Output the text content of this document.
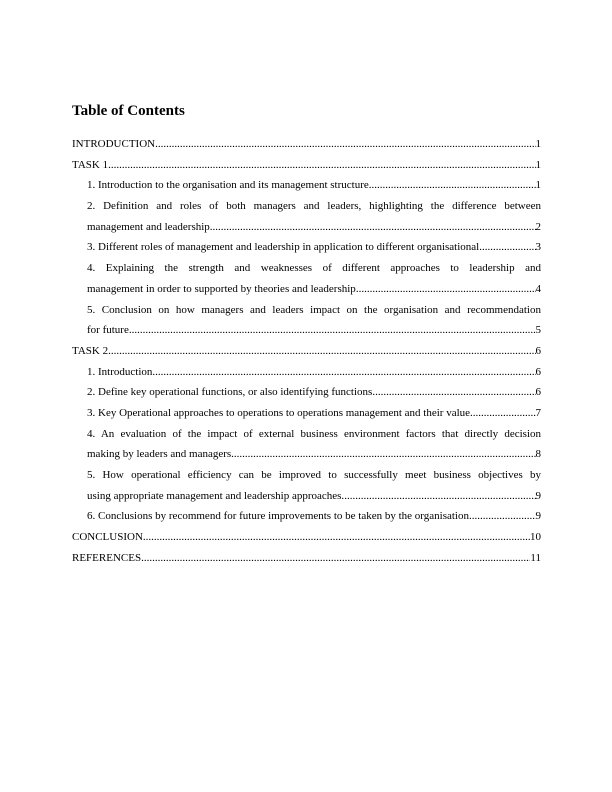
Table of Contents
INTRODUCTION .....	1
TASK 1 .....	1
1. Introduction to the organisation and its management structure .....	1
2. Definition and roles of both managers and leaders, highlighting the difference between
management and leadership .....	2
3. Different roles of management and leadership in application to different organisational .....	3
4. Explaining the strength and weaknesses of different approaches to leadership and
management in order to supported by theories and leadership .....	4
5. Conclusion on how managers and leaders impact on the organisation and recommendation
for future .....	5
TASK 2 .....	6
1. Introduction .....	6
2. Define key operational functions, or also identifying functions .....	6
3. Key Operational approaches to operations to operations management and their value .....	7
4. An evaluation of the impact of external business environment factors that directly decision
making by leaders and managers .....	8
5. How operational efficiency can be improved to successfully meet business objectives by
using appropriate management and leadership approaches. .....	9
6. Conclusions by recommend for future improvements to be taken by the organisation. .....	9
CONCLUSION .....	10
REFERENCES .....	11
